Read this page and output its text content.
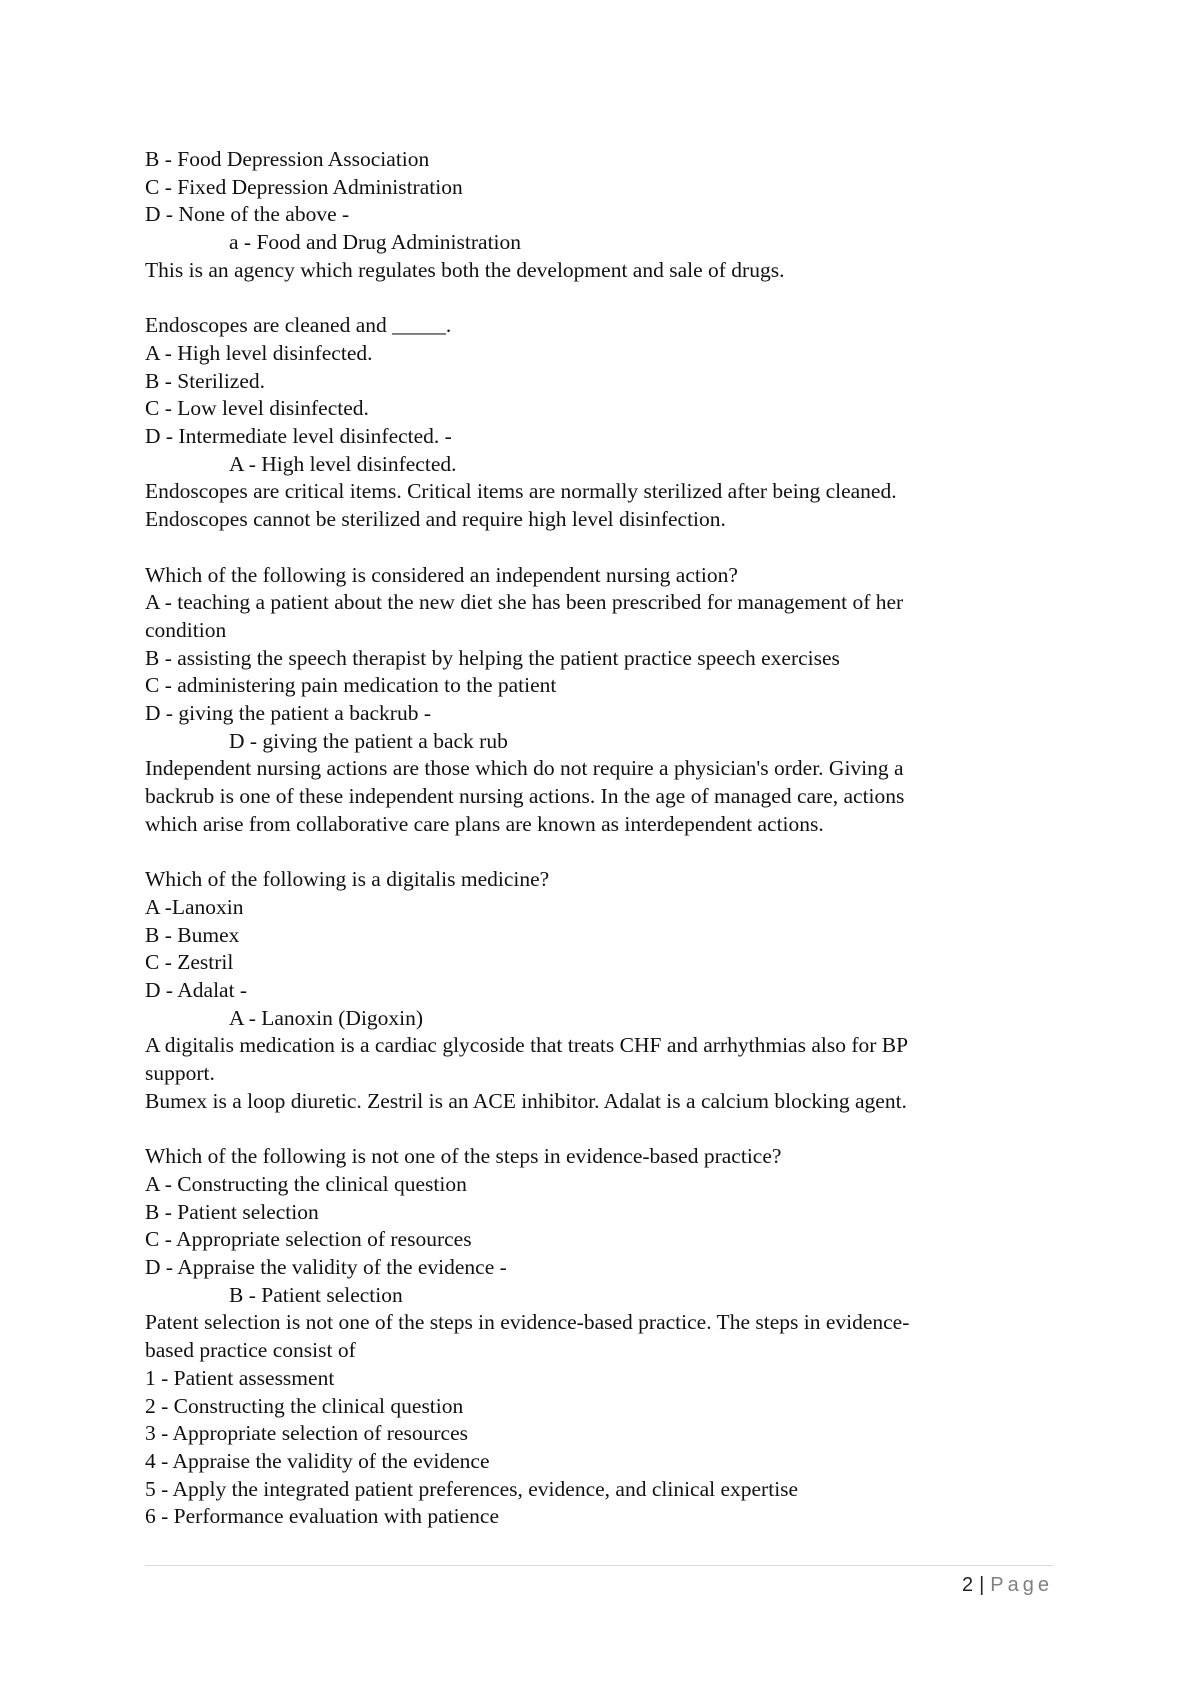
B - Food Depression Association
C - Fixed Depression Administration
D - None of the above -
a - Food and Drug Administration
This is an agency which regulates both the development and sale of drugs.
Endoscopes are cleaned and _____.
A - High level disinfected.
B - Sterilized.
C - Low level disinfected.
D - Intermediate level disinfected. -
A - High level disinfected.
Endoscopes are critical items. Critical items are normally sterilized after being cleaned.
Endoscopes cannot be sterilized and require high level disinfection.
Which of the following is considered an independent nursing action?
A - teaching a patient about the new diet she has been prescribed for management of her
condition
B - assisting the speech therapist by helping the patient practice speech exercises
C - administering pain medication to the patient
D - giving the patient a backrub -
D - giving the patient a back rub
Independent nursing actions are those which do not require a physician's order. Giving a
backrub is one of these independent nursing actions. In the age of managed care, actions
which arise from collaborative care plans are known as interdependent actions.
Which of the following is a digitalis medicine?
A -Lanoxin
B - Bumex
C - Zestril
D - Adalat -
A - Lanoxin (Digoxin)
A digitalis medication is a cardiac glycoside that treats CHF and arrhythmias also for BP
support.
Bumex is a loop diuretic. Zestril is an ACE inhibitor. Adalat is a calcium blocking agent.
Which of the following is not one of the steps in evidence-based practice?
A - Constructing the clinical question
B - Patient selection
C - Appropriate selection of resources
D - Appraise the validity of the evidence -
B - Patient selection
Patent selection is not one of the steps in evidence-based practice. The steps in evidence-
based practice consist of
1 - Patient assessment
2 - Constructing the clinical question
3 - Appropriate selection of resources
4 - Appraise the validity of the evidence
5 - Apply the integrated patient preferences, evidence, and clinical expertise
6 - Performance evaluation with patience
2 | Page
